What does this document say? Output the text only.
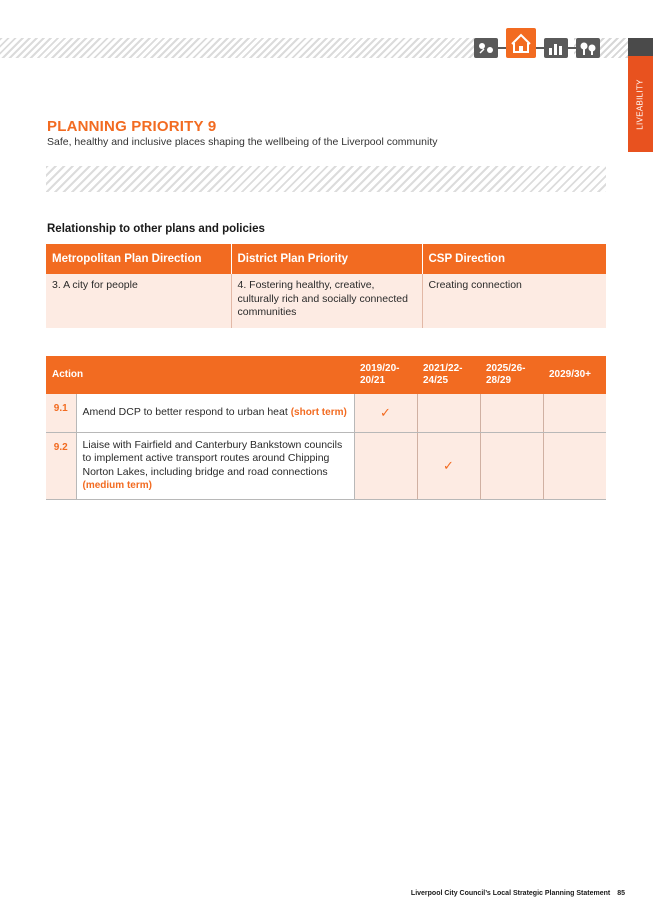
LIVEABILITY
PLANNING PRIORITY 9
Safe, healthy and inclusive places shaping the wellbeing of the Liverpool community
Relationship to other plans and policies
Metropolitan Plan Direction	District Plan Priority	CSP Direction
3. A city for people	4. Fostering healthy, creative, culturally rich and socially connected communities	Creating connection
Action		2019/20-20/21	2021/22-24/25	2025/26-28/29	2029/30+
9.1	Amend DCP to better respond to urban heat (short term)	✓			
9.2	Liaise with Fairfield and Canterbury Bankstown councils to implement active transport routes around Chipping Norton Lakes, including bridge and road connections (medium term)		✓		
Liverpool City Council’s Local Strategic Planning Statement 85
